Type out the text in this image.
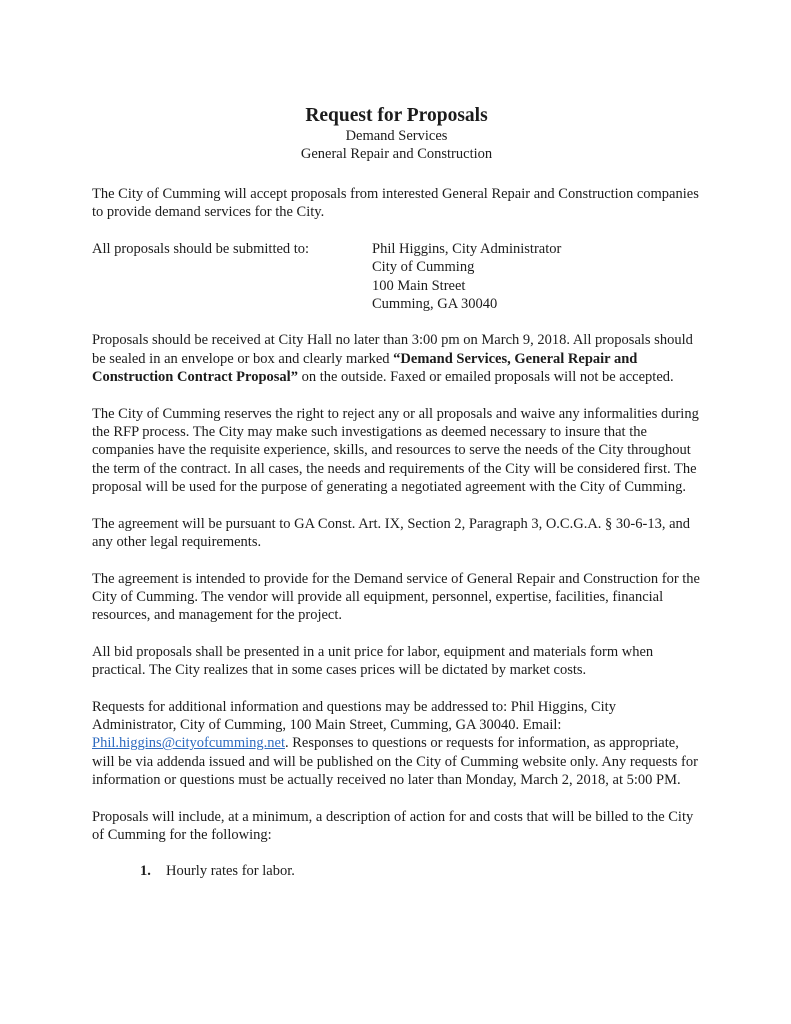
Request for Proposals
Demand Services
General Repair and Construction

The City of Cumming will accept proposals from interested General Repair and Construction companies to provide demand services for the City.

All proposals should be submitted to:	Phil Higgins, City Administrator
City of Cumming
100 Main Street
Cumming, GA 30040

Proposals should be received at City Hall no later than 3:00 pm on March 9, 2018. All proposals should be sealed in an envelope or box and clearly marked “Demand Services, General Repair and Construction Contract Proposal” on the outside. Faxed or emailed proposals will not be accepted.

The City of Cumming reserves the right to reject any or all proposals and waive any informalities during the RFP process. The City may make such investigations as deemed necessary to insure that the companies have the requisite experience, skills, and resources to serve the needs of the City throughout the term of the contract. In all cases, the needs and requirements of the City will be considered first. The proposal will be used for the purpose of generating a negotiated agreement with the City of Cumming.

The agreement will be pursuant to GA Const. Art. IX, Section 2, Paragraph 3, O.C.G.A. § 30-6-13, and any other legal requirements.

The agreement is intended to provide for the Demand service of General Repair and Construction for the City of Cumming. The vendor will provide all equipment, personnel, expertise, facilities, financial resources, and management for the project.

All bid proposals shall be presented in a unit price for labor, equipment and materials form when practical. The City realizes that in some cases prices will be dictated by market costs.

Requests for additional information and questions may be addressed to: Phil Higgins, City Administrator, City of Cumming, 100 Main Street, Cumming, GA 30040. Email: Phil.higgins@cityofcumming.net. Responses to questions or requests for information, as appropriate, will be via addenda issued and will be published on the City of Cumming website only. Any requests for information or questions must be actually received no later than Monday, March 2, 2018, at 5:00 PM.

Proposals will include, at a minimum, a description of action for and costs that will be billed to the City of Cumming for the following:

1.	Hourly rates for labor.
